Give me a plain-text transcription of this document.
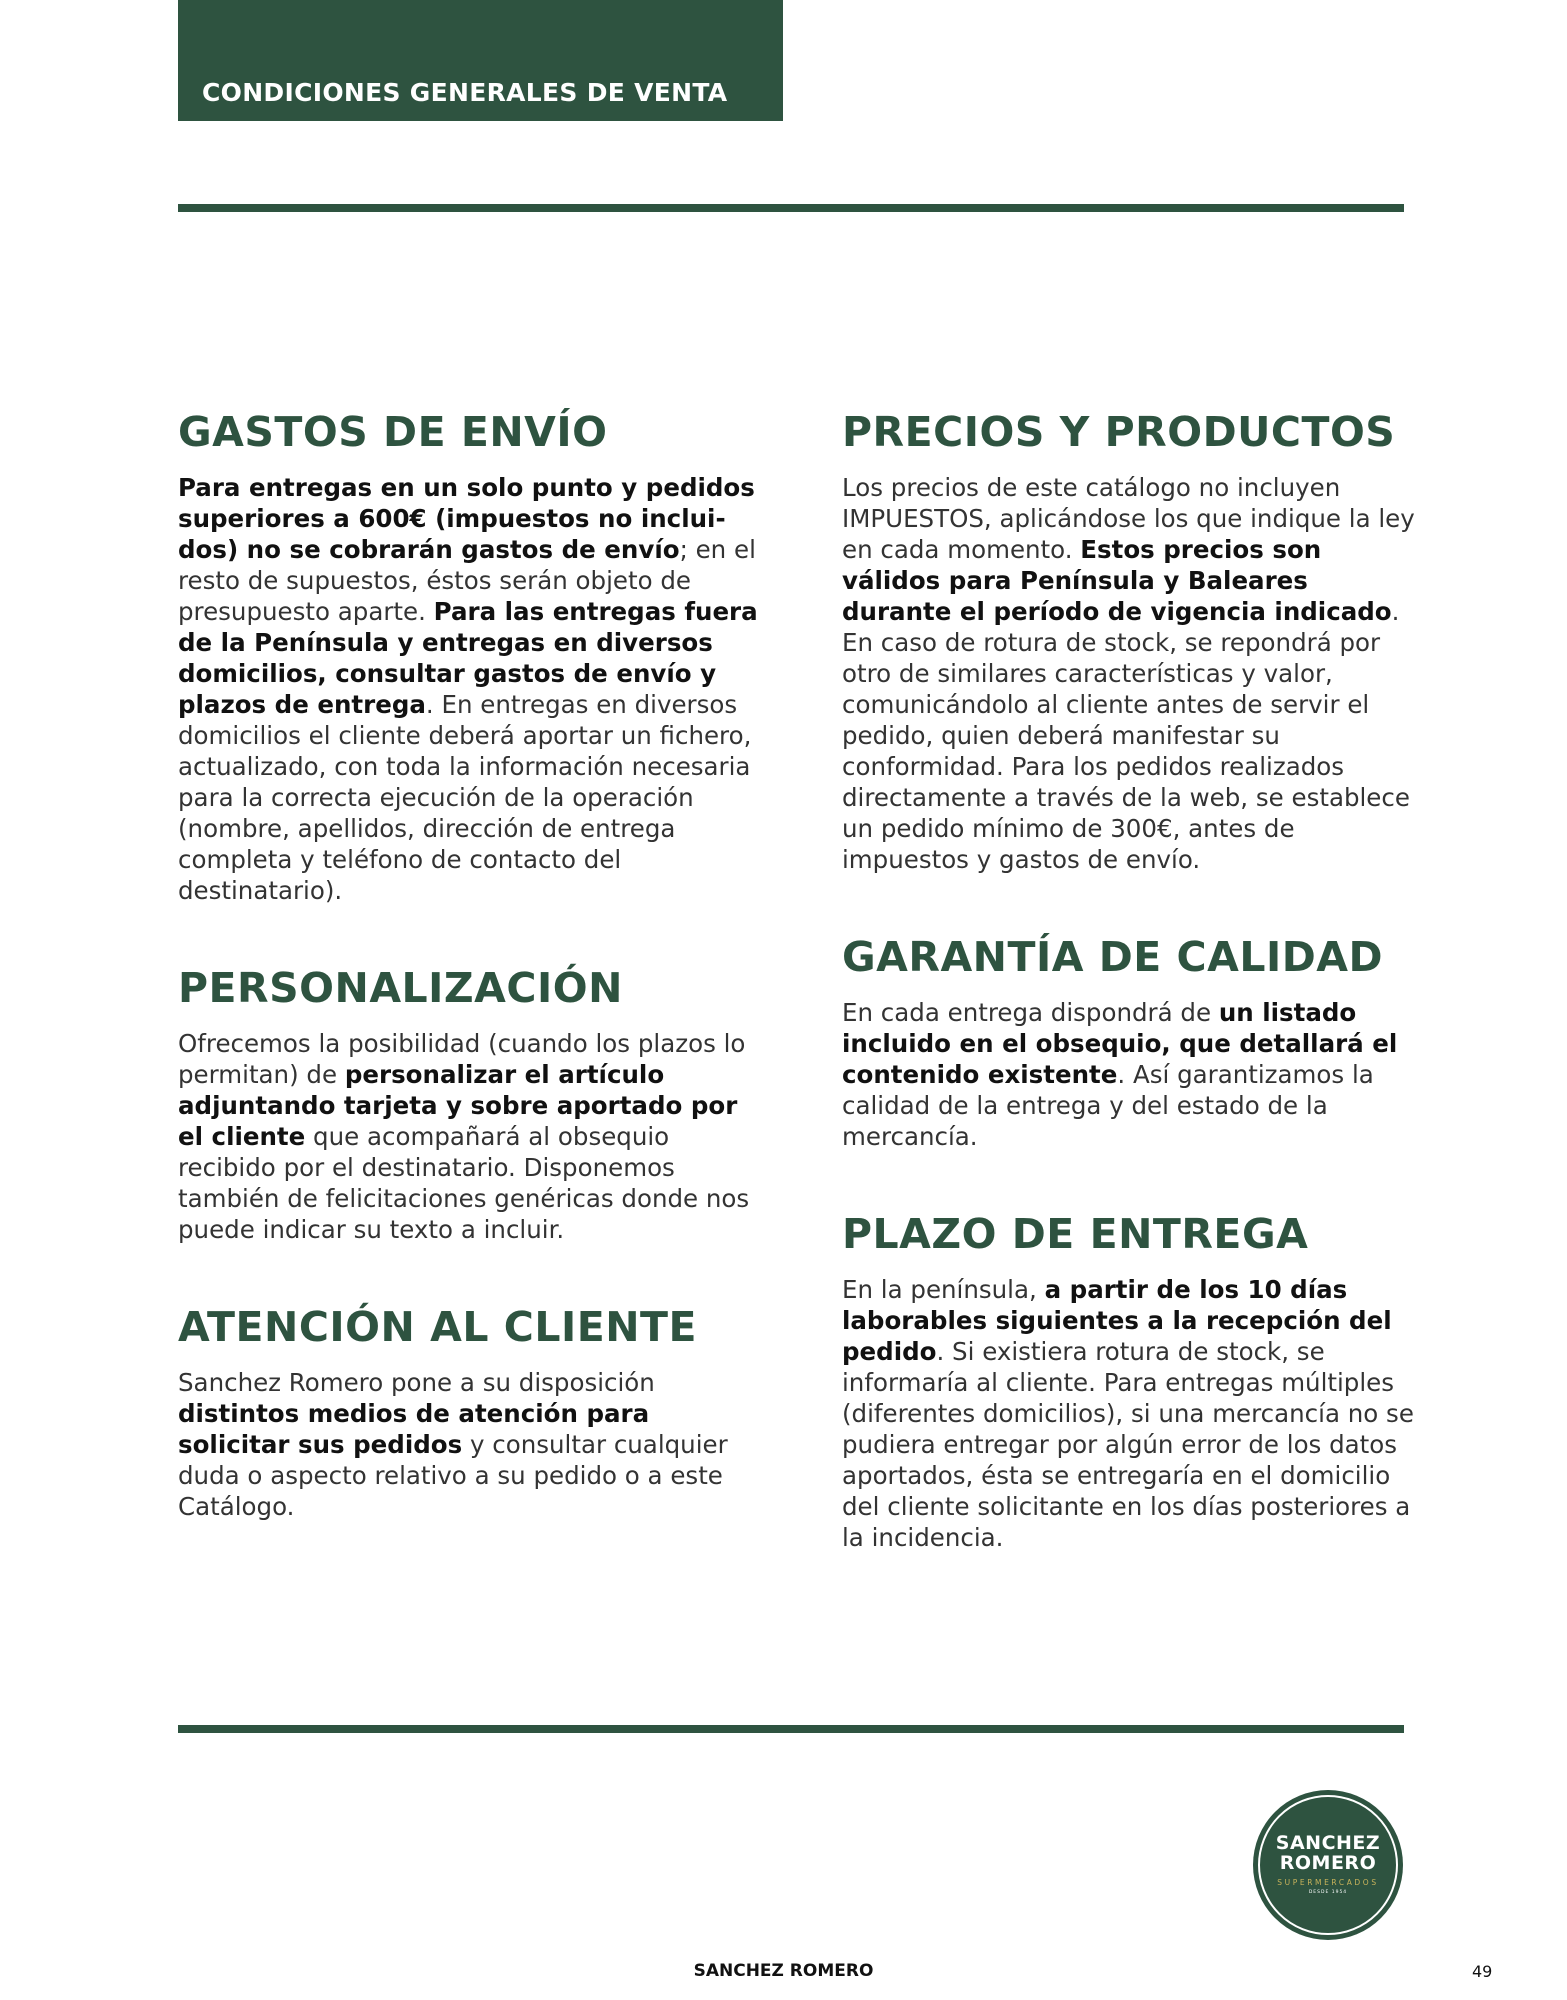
CONDICIONES GENERALES DE VENTA
GASTOS DE ENVÍO

Para entregas en un solo punto y pedidos superiores a 600€ (impuestos no incluidos) no se cobrarán gastos de envío; en el resto de supuestos, éstos serán objeto de presupuesto aparte. Para las entregas fuera de la Península y entregas en diversos domicilios, consultar gastos de envío y plazos de entrega. En entregas en diversos domicilios el cliente deberá aportar un fichero, actualizado, con toda la información necesaria para la correcta ejecución de la operación (nombre, apellidos, dirección de entrega completa y teléfono de contacto del destinatario).

PERSONALIZACIÓN

Ofrecemos la posibilidad (cuando los plazos lo permitan) de personalizar el artículo adjuntando tarjeta y sobre aportado por el cliente que acompañará al obsequio recibido por el destinatario. Disponemos también de felicitaciones genéricas donde nos puede indicar su texto a incluir.

ATENCIÓN AL CLIENTE

Sanchez Romero pone a su disposición distintos medios de atención para solicitar sus pedidos y consultar cualquier duda o aspecto relativo a su pedido o a este Catálogo.

PRECIOS Y PRODUCTOS

Los precios de este catálogo no incluyen IMPUESTOS, aplicándose los que indique la ley en cada momento. Estos precios son válidos para Península y Baleares durante el período de vigencia indicado. En caso de rotura de stock, se repondrá por otro de similares características y valor, comunicándolo al cliente antes de servir el pedido, quien deberá manifestar su conformidad. Para los pedidos realizados directamente a través de la web, se establece un pedido mínimo de 300€, antes de impuestos y gastos de envío.

GARANTÍA DE CALIDAD

En cada entrega dispondrá de un listado incluido en el obsequio, que detallará el contenido existente. Así garantizamos la calidad de la entrega y del estado de la mercancía.

PLAZO DE ENTREGA

En la península, a partir de los 10 días laborables siguientes a la recepción del pedido. Si existiera rotura de stock, se informaría al cliente. Para entregas múltiples (diferentes domicilios), si una mercancía no se pudiera entregar por algún error de los datos aportados, ésta se entregaría en el domicilio del cliente solicitante en los días posteriores a la incidencia.

SANCHEZ
ROMERO
SUPERMERCADOS
DESDE 1954
SANCHEZ ROMERO	49
